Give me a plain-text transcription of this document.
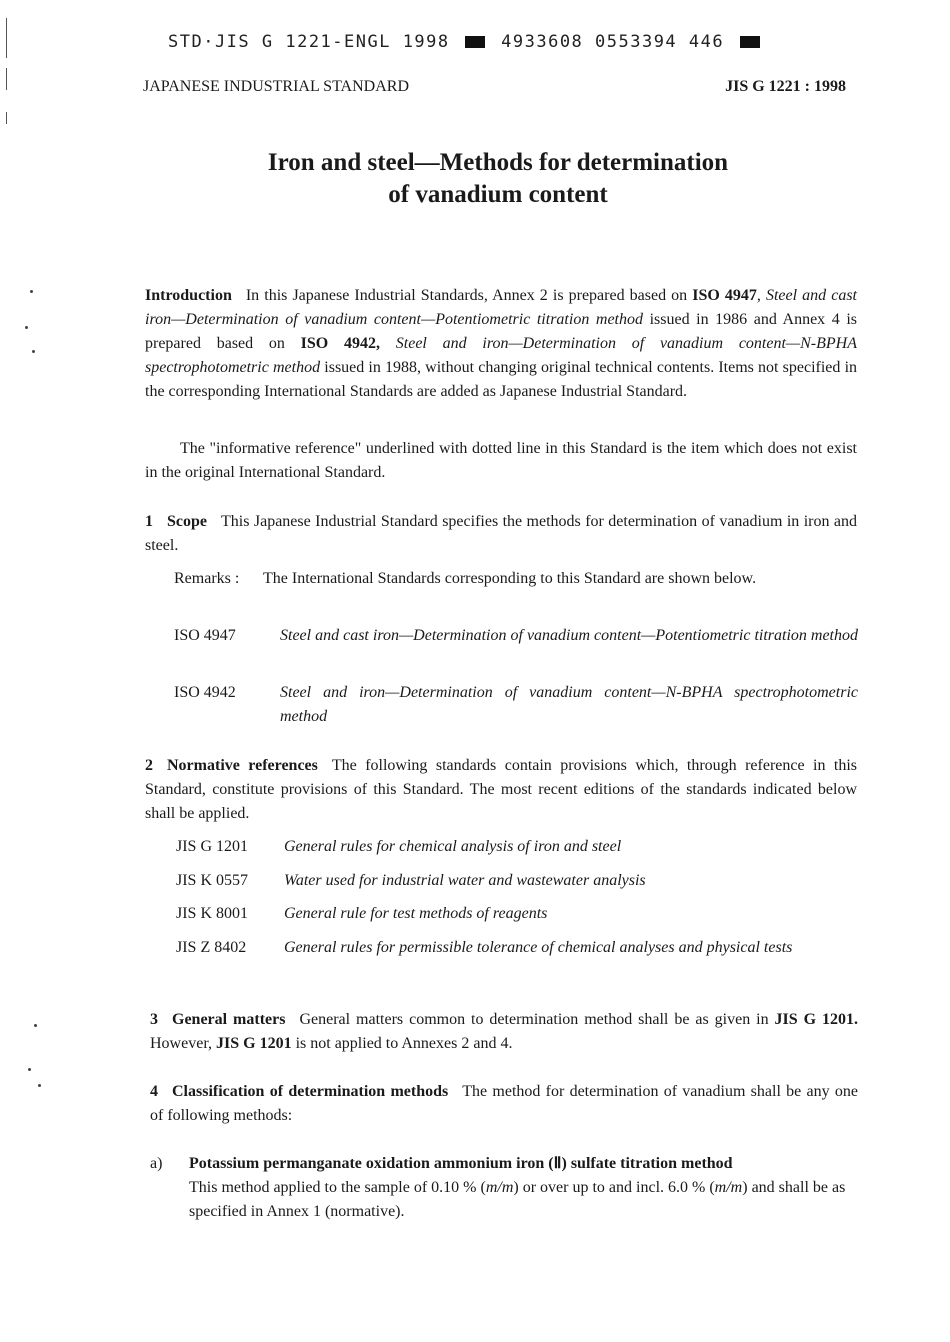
STD·JIS G 1221-ENGL 1998	4933608 0553394 446
JAPANESE INDUSTRIAL STANDARD	JIS G 1221 : 1998
Iron and steel—Methods for determination
of vanadium content
Introduction In this Japanese Industrial Standards, Annex 2 is prepared based on ISO 4947, Steel and cast iron—Determination of vanadium content—Potentiometric titration method issued in 1986 and Annex 4 is prepared based on ISO 4942, Steel and iron—Determination of vanadium content—N-BPHA spectrophotometric method issued in 1988, without changing original technical contents. Items not specified in the corresponding International Standards are added as Japanese Industrial Standard.
The "informative reference" underlined with dotted line in this Standard is the item which does not exist in the original International Standard.
1 Scope This Japanese Industrial Standard specifies the methods for determination of vanadium in iron and steel.
Remarks : The International Standards corresponding to this Standard are shown below.
ISO 4947	Steel and cast iron—Determination of vanadium content—Potentiometric titration method
ISO 4942	Steel and iron—Determination of vanadium content—N-BPHA spectrophotometric method
2 Normative references The following standards contain provisions which, through reference in this Standard, constitute provisions of this Standard. The most recent editions of the standards indicated below shall be applied.
JIS G 1201 General rules for chemical analysis of iron and steel
JIS K 0557 Water used for industrial water and wastewater analysis
JIS K 8001 General rule for test methods of reagents
JIS Z 8402 General rules for permissible tolerance of chemical analyses and physical tests
3 General matters General matters common to determination method shall be as given in JIS G 1201. However, JIS G 1201 is not applied to Annexes 2 and 4.
4 Classification of determination methods The method for determination of vanadium shall be any one of following methods:
a) Potassium permanganate oxidation ammonium iron (Ⅱ) sulfate titration method
This method applied to the sample of 0.10 % (m/m) or over up to and incl. 6.0 % (m/m) and shall be as specified in Annex 1 (normative).
